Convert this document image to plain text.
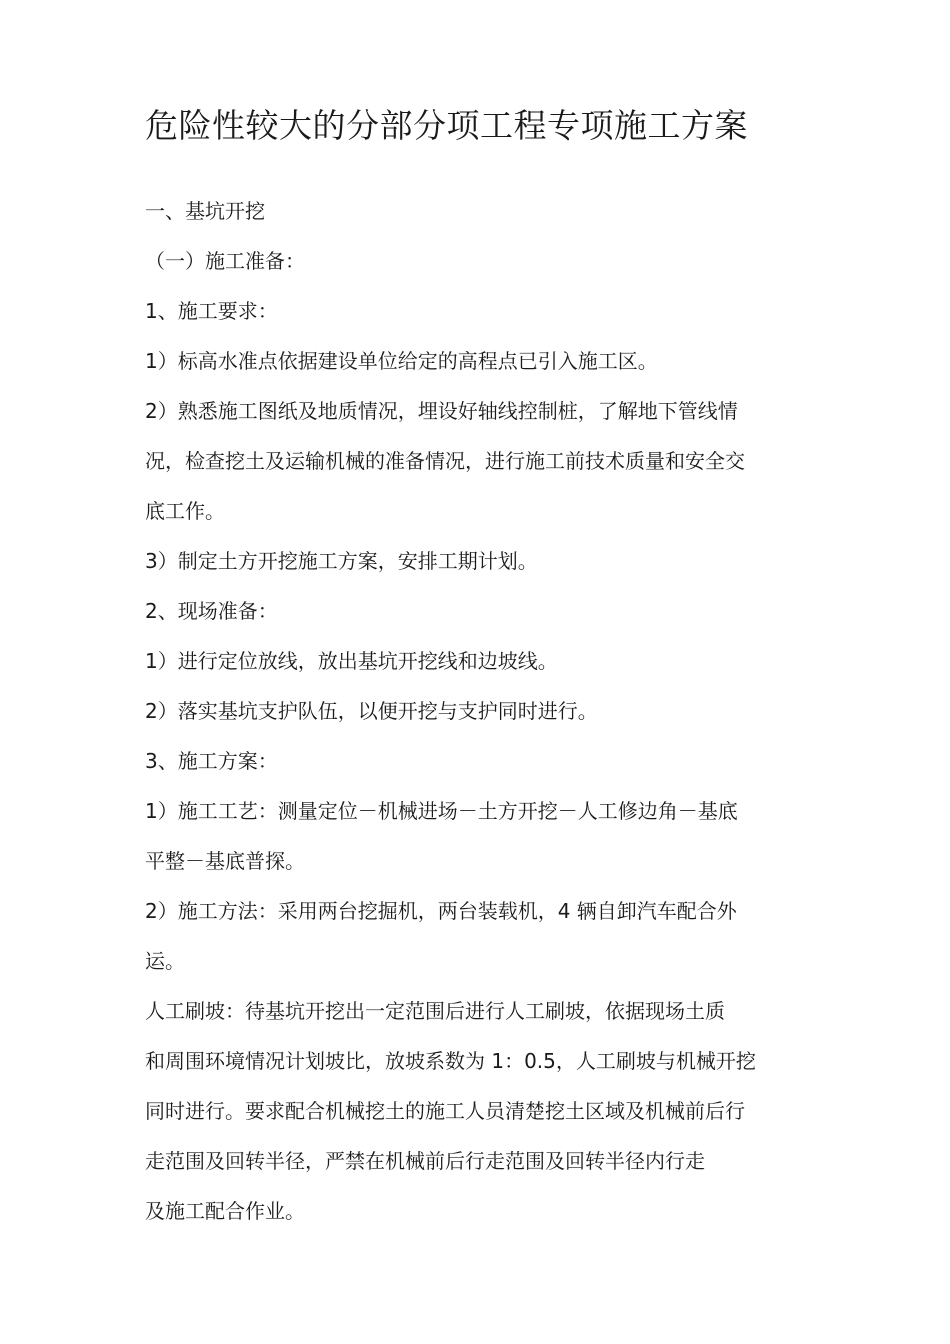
危险性较大的分部分项工程专项施工方案
一、基坑开挖
（一）施工准备：
1、施工要求：
1）标高水准点依据建设单位给定的高程点已引入施工区。
2）熟悉施工图纸及地质情况，埋设好轴线控制桩，了解地下管线情
况，检查挖土及运输机械的准备情况，进行施工前技术质量和安全交
底工作。
3）制定土方开挖施工方案，安排工期计划。
2、现场准备：
1）进行定位放线，放出基坑开挖线和边坡线。
2）落实基坑支护队伍，以便开挖与支护同时进行。
3、施工方案：
1）施工工艺：测量定位－机械进场－土方开挖－人工修边角－基底
平整－基底普探。
2）施工方法：采用两台挖掘机，两台装载机，4 辆自卸汽车配合外
运。
人工刷坡：待基坑开挖出一定范围后进行人工刷坡，依据现场土质
和周围环境情况计划坡比，放坡系数为 1：0.5，人工刷坡与机械开挖
同时进行。要求配合机械挖土的施工人员清楚挖土区域及机械前后行
走范围及回转半径，严禁在机械前后行走范围及回转半径内行走
及施工配合作业。
